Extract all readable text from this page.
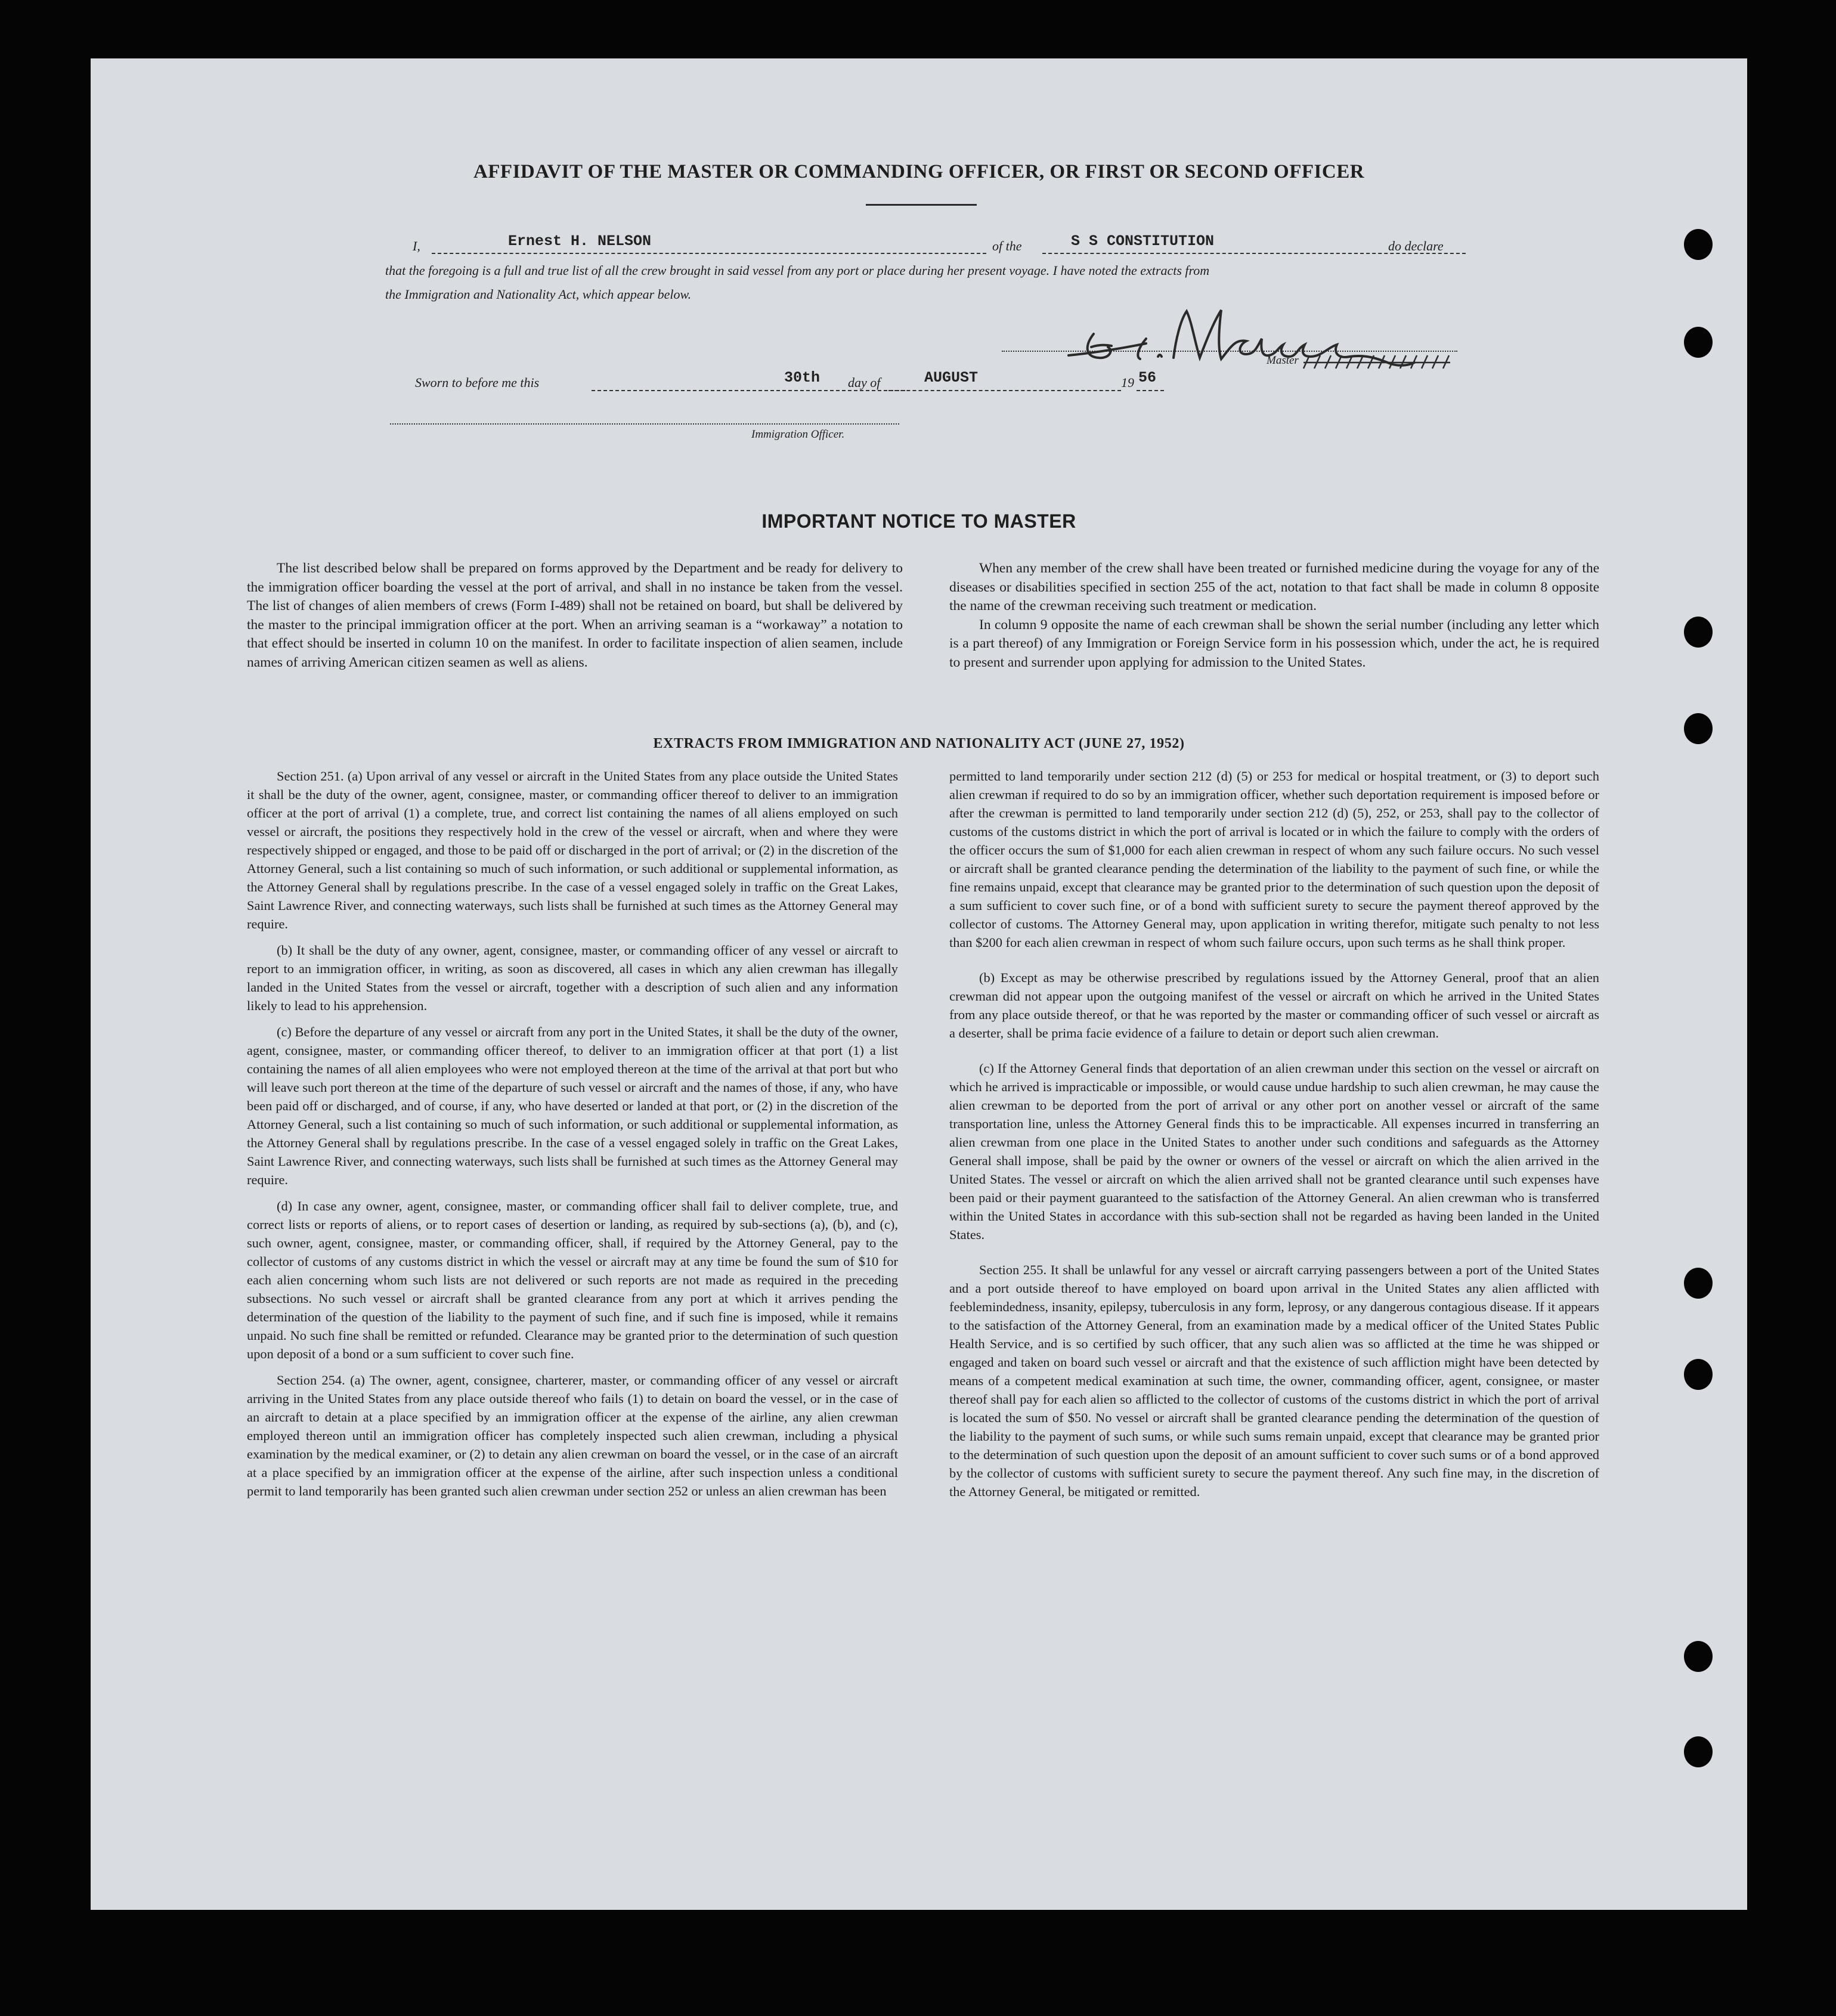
AFFIDAVIT OF THE MASTER OR COMMANDING OFFICER, OR FIRST OR SECOND OFFICER
I,	Ernest H. NELSON	of the	S S CONSTITUTION	do declare
that the foregoing is a full and true list of all the crew brought in said vessel from any port or place during her present voyage. I have noted the extracts from
the Immigration and Nationality Act, which appear below.
Master
Sworn to before me this	30th day of	AUGUST	19 56
Immigration Officer.
IMPORTANT NOTICE TO MASTER

The list described below shall be prepared on forms approved by the Department and be ready for delivery to the immigration officer boarding the vessel at the port of arrival, and shall in no instance be taken from the vessel. The list of changes of alien members of crews (Form I-489) shall not be retained on board, but shall be delivered by the master to the principal immigration officer at the port. When an arriving seaman is a “workaway” a notation to that effect should be inserted in column 10 on the manifest. In order to facilitate inspection of alien seamen, include names of arriving American citizen seamen as well as aliens.

When any member of the crew shall have been treated or furnished medicine during the voyage for any of the diseases or disabilities specified in section 255 of the act, notation to that fact shall be made in column 8 opposite the name of the crewman receiving such treatment or medication.

In column 9 opposite the name of each crewman shall be shown the serial number (including any letter which is a part thereof) of any Immigration or Foreign Service form in his possession which, under the act, he is required to present and surrender upon applying for admission to the United States.

EXTRACTS FROM IMMIGRATION AND NATIONALITY ACT (JUNE 27, 1952)

Section 251. (a) Upon arrival of any vessel or aircraft in the United States from any place outside the United States it shall be the duty of the owner, agent, consignee, master, or commanding officer thereof to deliver to an immigration officer at the port of arrival (1) a complete, true, and correct list containing the names of all aliens employed on such vessel or aircraft, the positions they respectively hold in the crew of the vessel or aircraft, when and where they were respectively shipped or engaged, and those to be paid off or discharged in the port of arrival; or (2) in the discretion of the Attorney General, such a list containing so much of such information, or such additional or supplemental information, as the Attorney General shall by regulations prescribe. In the case of a vessel engaged solely in traffic on the Great Lakes, Saint Lawrence River, and connecting waterways, such lists shall be furnished at such times as the Attorney General may require.

(b) It shall be the duty of any owner, agent, consignee, master, or commanding officer of any vessel or aircraft to report to an immigration officer, in writing, as soon as discovered, all cases in which any alien crewman has illegally landed in the United States from the vessel or aircraft, together with a description of such alien and any information likely to lead to his apprehension.

(c) Before the departure of any vessel or aircraft from any port in the United States, it shall be the duty of the owner, agent, consignee, master, or commanding officer thereof, to deliver to an immigration officer at that port (1) a list containing the names of all alien employees who were not employed thereon at the time of the arrival at that port but who will leave such port thereon at the time of the departure of such vessel or aircraft and the names of those, if any, who have been paid off or discharged, and of course, if any, who have deserted or landed at that port, or (2) in the discretion of the Attorney General, such a list containing so much of such information, or such additional or supplemental information, as the Attorney General shall by regulations prescribe. In the case of a vessel engaged solely in traffic on the Great Lakes, Saint Lawrence River, and connecting waterways, such lists shall be furnished at such times as the Attorney General may require.

(d) In case any owner, agent, consignee, master, or commanding officer shall fail to deliver complete, true, and correct lists or reports of aliens, or to report cases of desertion or landing, as required by sub-sections (a), (b), and (c), such owner, agent, consignee, master, or commanding officer, shall, if required by the Attorney General, pay to the collector of customs of any customs district in which the vessel or aircraft may at any time be found the sum of $10 for each alien concerning whom such lists are not delivered or such reports are not made as required in the preceding subsections. No such vessel or aircraft shall be granted clearance from any port at which it arrives pending the determination of the question of the liability to the payment of such fine, and if such fine is imposed, while it remains unpaid. No such fine shall be remitted or refunded. Clearance may be granted prior to the determination of such question upon deposit of a bond or a sum sufficient to cover such fine.

Section 254. (a) The owner, agent, consignee, charterer, master, or commanding officer of any vessel or aircraft arriving in the United States from any place outside thereof who fails (1) to detain on board the vessel, or in the case of an aircraft to detain at a place specified by an immigration officer at the expense of the airline, any alien crewman employed thereon until an immigration officer has completely inspected such alien crewman, including a physical examination by the medical examiner, or (2) to detain any alien crewman on board the vessel, or in the case of an aircraft at a place specified by an immigration officer at the expense of the airline, after such inspection unless a conditional permit to land temporarily has been granted such alien crewman under section 252 or unless an alien crewman has been

permitted to land temporarily under section 212 (d) (5) or 253 for medical or hospital treatment, or (3) to deport such alien crewman if required to do so by an immigration officer, whether such deportation requirement is imposed before or after the crewman is permitted to land temporarily under section 212 (d) (5), 252, or 253, shall pay to the collector of customs of the customs district in which the port of arrival is located or in which the failure to comply with the orders of the officer occurs the sum of $1,000 for each alien crewman in respect of whom any such failure occurs. No such vessel or aircraft shall be granted clearance pending the determination of the liability to the payment of such fine, or while the fine remains unpaid, except that clearance may be granted prior to the determination of such question upon the deposit of a sum sufficient to cover such fine, or of a bond with sufficient surety to secure the payment thereof approved by the collector of customs. The Attorney General may, upon application in writing therefor, mitigate such penalty to not less than $200 for each alien crewman in respect of whom such failure occurs, upon such terms as he shall think proper.

(b) Except as may be otherwise prescribed by regulations issued by the Attorney General, proof that an alien crewman did not appear upon the outgoing manifest of the vessel or aircraft on which he arrived in the United States from any place outside thereof, or that he was reported by the master or commanding officer of such vessel or aircraft as a deserter, shall be prima facie evidence of a failure to detain or deport such alien crewman.

(c) If the Attorney General finds that deportation of an alien crewman under this section on the vessel or aircraft on which he arrived is impracticable or impossible, or would cause undue hardship to such alien crewman, he may cause the alien crewman to be deported from the port of arrival or any other port on another vessel or aircraft of the same transportation line, unless the Attorney General finds this to be impracticable. All expenses incurred in transferring an alien crewman from one place in the United States to another under such conditions and safeguards as the Attorney General shall impose, shall be paid by the owner or owners of the vessel or aircraft on which the alien arrived in the United States. The vessel or aircraft on which the alien arrived shall not be granted clearance until such expenses have been paid or their payment guaranteed to the satisfaction of the Attorney General. An alien crewman who is transferred within the United States in accordance with this sub-section shall not be regarded as having been landed in the United States.

Section 255. It shall be unlawful for any vessel or aircraft carrying passengers between a port of the United States and a port outside thereof to have employed on board upon arrival in the United States any alien afflicted with feeblemindedness, insanity, epilepsy, tuberculosis in any form, leprosy, or any dangerous contagious disease. If it appears to the satisfaction of the Attorney General, from an examination made by a medical officer of the United States Public Health Service, and is so certified by such officer, that any such alien was so afflicted at the time he was shipped or engaged and taken on board such vessel or aircraft and that the existence of such affliction might have been detected by means of a competent medical examination at such time, the owner, commanding officer, agent, consignee, or master thereof shall pay for each alien so afflicted to the collector of customs of the customs district in which the port of arrival is located the sum of $50. No vessel or aircraft shall be granted clearance pending the determination of the question of the liability to the payment of such sums, or while such sums remain unpaid, except that clearance may be granted prior to the determination of such question upon the deposit of an amount sufficient to cover such sums or of a bond approved by the collector of customs with sufficient surety to secure the payment thereof. Any such fine may, in the discretion of the Attorney General, be mitigated or remitted.
